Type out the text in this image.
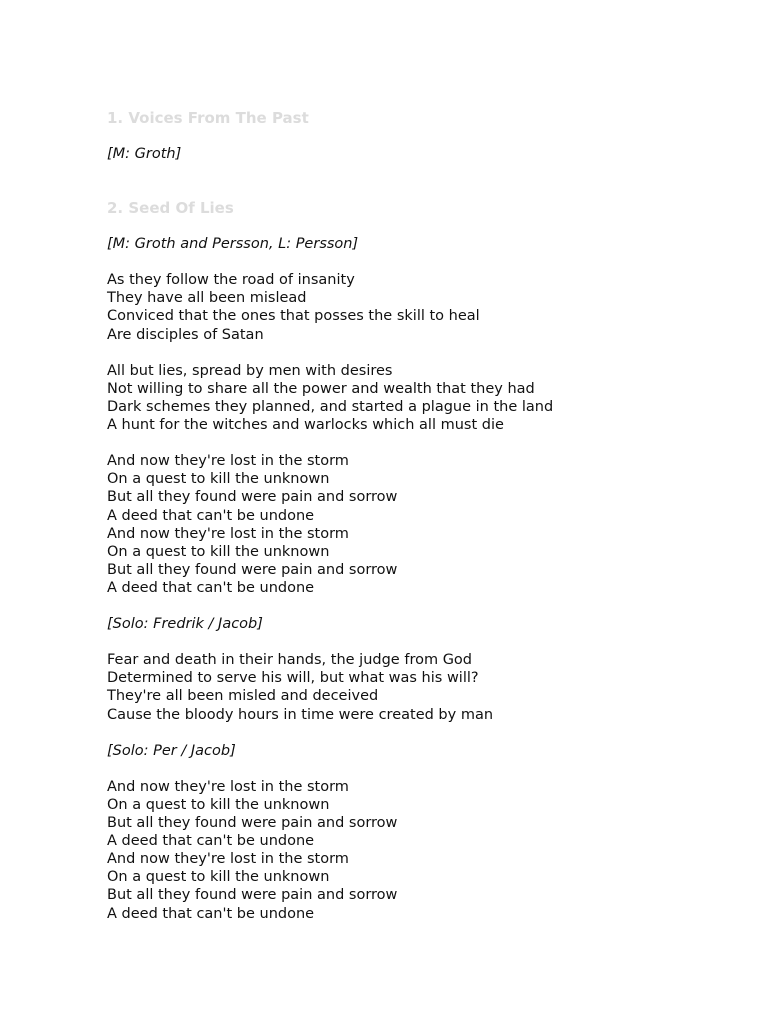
1. Voices From The Past

[M: Groth]

2. Seed Of Lies

[M: Groth and Persson, L: Persson]

As they follow the road of insanity

They have all been mislead

Conviced that the ones that posses the skill to heal

Are disciples of Satan

All but lies, spread by men with desires

Not willing to share all the power and wealth that they had

Dark schemes they planned, and started a plague in the land

A hunt for the witches and warlocks which all must die

And now they're lost in the storm

On a quest to kill the unknown

But all they found were pain and sorrow

A deed that can't be undone

And now they're lost in the storm

On a quest to kill the unknown

But all they found were pain and sorrow

A deed that can't be undone

[Solo: Fredrik / Jacob]

Fear and death in their hands, the judge from God

Determined to serve his will, but what was his will?

They're all been misled and deceived

Cause the bloody hours in time were created by man

[Solo: Per / Jacob]

And now they're lost in the storm

On a quest to kill the unknown

But all they found were pain and sorrow

A deed that can't be undone

And now they're lost in the storm

On a quest to kill the unknown

But all they found were pain and sorrow

A deed that can't be undone
